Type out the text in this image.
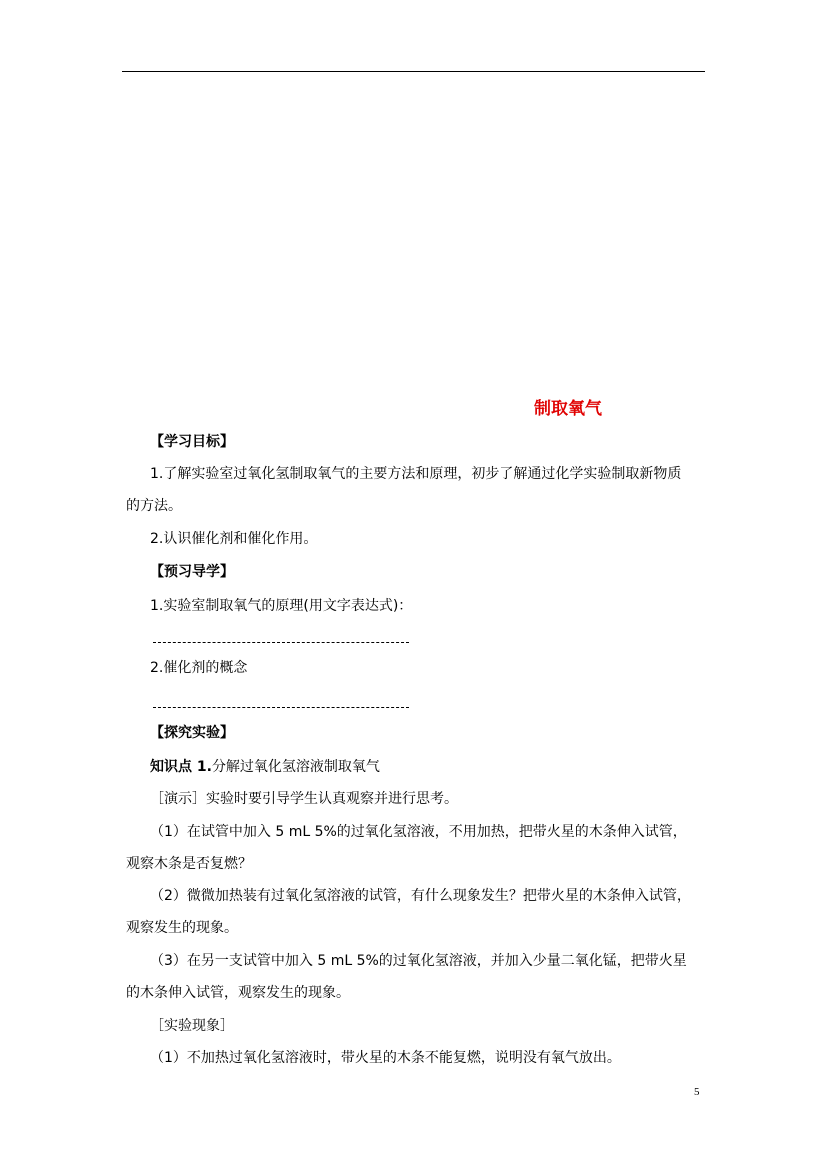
制取氧气
【学习目标】
1.了解实验室过氧化氢制取氧气的主要方法和原理，初步了解通过化学实验制取新物质
的方法。
2.认识催化剂和催化作用。
【预习导学】
1.实验室制取氧气的原理(用文字表达式)：
2.催化剂的概念
【探究实验】
知识点 1.分解过氧化氢溶液制取氧气
［演示］实验时要引导学生认真观察并进行思考。
（1）在试管中加入 5 mL 5%的过氧化氢溶液，不用加热，把带火星的木条伸入试管，
观察木条是否复燃？
（2）微微加热装有过氧化氢溶液的试管，有什么现象发生？把带火星的木条伸入试管，
观察发生的现象。
（3）在另一支试管中加入 5 mL 5%的过氧化氢溶液，并加入少量二氧化锰，把带火星
的木条伸入试管，观察发生的现象。
［实验现象］
（1）不加热过氧化氢溶液时，带火星的木条不能复燃，说明没有氧气放出。
5
